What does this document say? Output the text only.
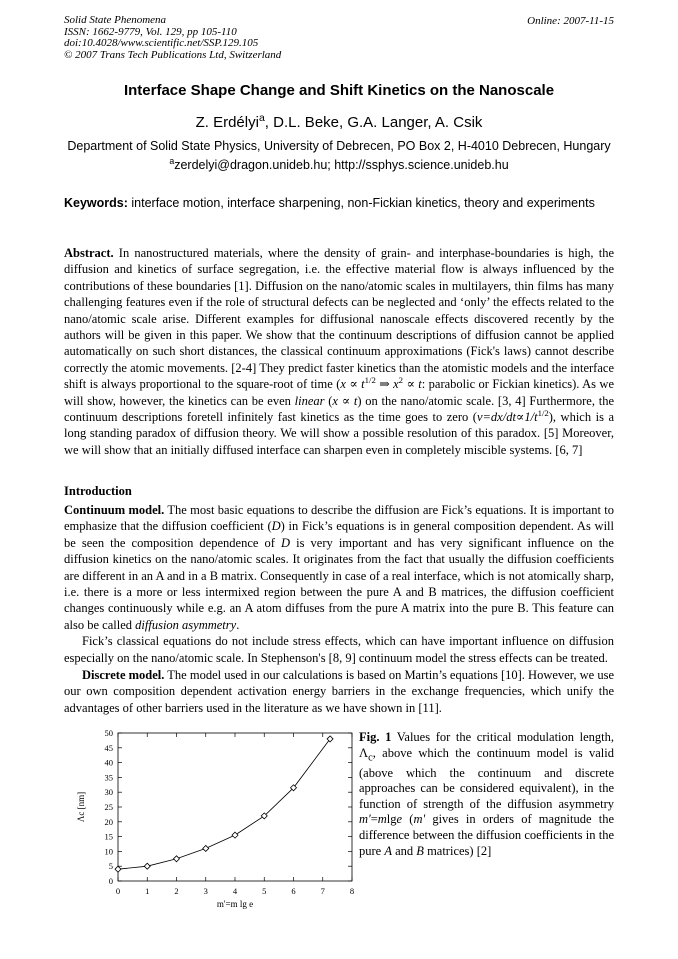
Solid State Phenomena
ISSN: 1662-9779, Vol. 129, pp 105-110
doi:10.4028/www.scientific.net/SSP.129.105
© 2007 Trans Tech Publications Ltd, Switzerland
Online: 2007-11-15
Interface Shape Change and Shift Kinetics on the Nanoscale
Z. Erdélyi$^a$, D.L. Beke, G.A. Langer, A. Csik
Department of Solid State Physics, University of Debrecen, PO Box 2, H-4010 Debrecen, Hungary
$^a$zerdelyi@dragon.unideb.hu; http://ssphys.science.unideb.hu
Keywords: interface motion, interface sharpening, non-Fickian kinetics, theory and experiments
Abstract. In nanostructured materials, where the density of grain- and interphase-boundaries is high, the diffusion and kinetics of surface segregation, i.e. the effective material flow is always influenced by the contributions of these boundaries [1]. Diffusion on the nano/atomic scales in multilayers, thin films has many challenging features even if the role of structural defects can be neglected and ‘only’ the effects related to the nano/atomic scale arise. Different examples for diffusional nanoscale effects discovered recently by the authors will be given in this paper. We show that the continuum descriptions of diffusion cannot be applied automatically on such short distances, the classical continuum approximations (Fick's laws) cannot describe correctly the atomic movements. [2-4] They predict faster kinetics than the atomistic models and the interface shift is always proportional to the square-root of time ($x \propto t^{1/2}$ ⇒ $x^2 \propto t$: parabolic or Fickian kinetics). As we will show, however, the kinetics can be even linear (x ∝ t) on the nano/atomic scale. [3, 4] Furthermore, the continuum descriptions foretell infinitely fast kinetics as the time goes to zero $(v=dx/dt\propto 1/t^{1/2})$, which is a long standing paradox of diffusion theory. We will show a possible resolution of this paradox. [5] Moreover, we will show that an initially diffused interface can sharpen even in completely miscible systems. [6, 7]
Introduction

Continuum model. The most basic equations to describe the diffusion are Fick’s equations. It is important to emphasize that the diffusion coefficient (D) in Fick’s equations is in general composition dependent. As will be seen the composition dependence of D is very important and has very significant influence on the diffusion kinetics on the nano/atomic scales. It originates from the fact that usually the diffusion coefficients are different in an A and in a B matrix. Consequently in case of a real interface, which is not atomically sharp, i.e. there is a more or less intermixed region between the pure A and B matrices, the diffusion coefficient changes continuously while e.g. an A atom diffuses from the pure A matrix into the pure B. This feature can also be called diffusion asymmetry.

Fick’s classical equations do not include stress effects, which can have important influence on diffusion especially on the nano/atomic scale. In Stephenson's [8, 9] continuum model the stress effects can be treated.

Discrete model. The model used in our calculations is based on Martin’s equations [10]. However, we use our own composition dependent activation energy barriers in the exchange frequencies, which unify the advantages of other barriers used in the literature as we have shown in [11].

0	1	2	3	4	5	6	7	8
0
5
10
15
20
25
30
35
40
45
50
m'=m lg e
Λc [nm]
Fig. 1 Values for the critical modulation length, $\Lambda_c$, above which the continuum model is valid (above which the continuum and discrete approaches can be considered equivalent), in the function of strength of the diffusion asymmetry m'=mlge (m' gives in orders of magnitude the difference between the diffusion coefficients in the pure A and B matrices) [2]
